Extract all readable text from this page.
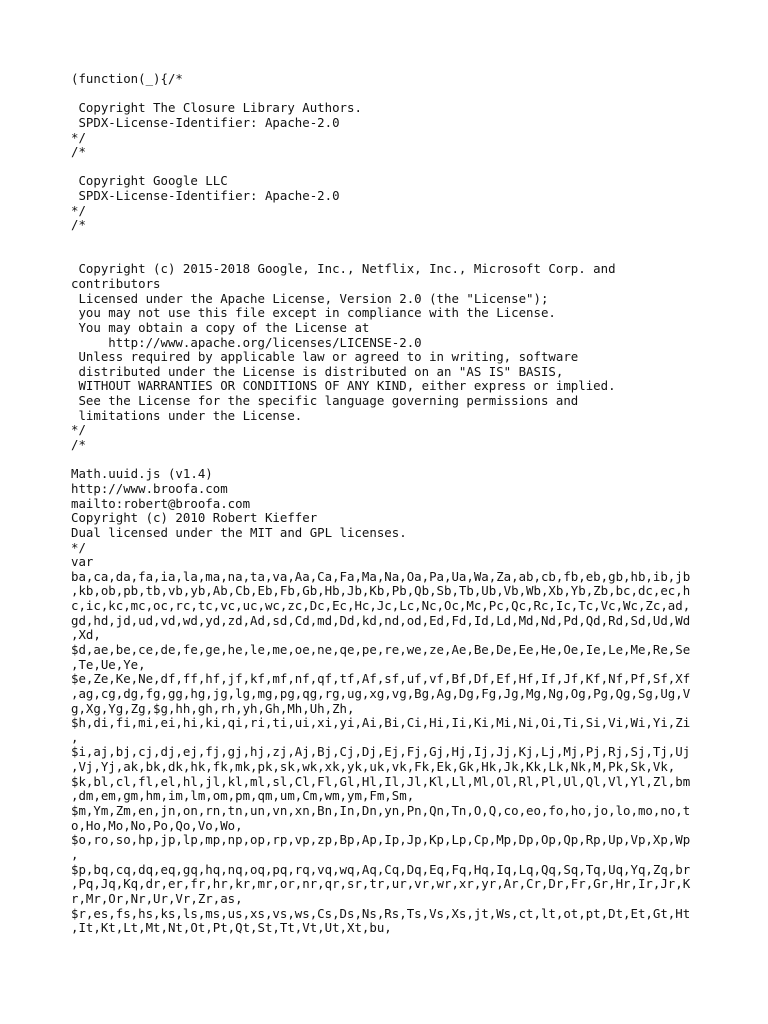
(function(_){/*
Copyright The Closure Library Authors.
SPDX-License-Identifier: Apache-2.0
*/
/*
Copyright Google LLC
SPDX-License-Identifier: Apache-2.0
*/
/*
Copyright (c) 2015-2018 Google, Inc., Netflix, Inc., Microsoft Corp. and
contributors
Licensed under the Apache License, Version 2.0 (the "License");
you may not use this file except in compliance with the License.
You may obtain a copy of the License at
http://www.apache.org/licenses/LICENSE-2.0
Unless required by applicable law or agreed to in writing, software
distributed under the License is distributed on an "AS IS" BASIS,
WITHOUT WARRANTIES OR CONDITIONS OF ANY KIND, either express or implied.
See the License for the specific language governing permissions and
limitations under the License.
*/
/*
Math.uuid.js (v1.4)
http://www.broofa.com
mailto:robert@broofa.com
Copyright (c) 2010 Robert Kieffer
Dual licensed under the MIT and GPL licenses.
*/
var
ba,ca,da,fa,ia,la,ma,na,ta,va,Aa,Ca,Fa,Ma,Na,Oa,Pa,Ua,Wa,Za,ab,cb,fb,eb,gb,hb,ib,jb
,kb,ob,pb,tb,vb,yb,Ab,Cb,Eb,Fb,Gb,Hb,Jb,Kb,Pb,Qb,Sb,Tb,Ub,Vb,Wb,Xb,Yb,Zb,bc,dc,ec,h
c,ic,kc,mc,oc,rc,tc,vc,uc,wc,zc,Dc,Ec,Hc,Jc,Lc,Nc,Oc,Mc,Pc,Qc,Rc,Ic,Tc,Vc,Wc,Zc,ad,
gd,hd,jd,ud,vd,wd,yd,zd,Ad,sd,Cd,md,Dd,kd,nd,od,Ed,Fd,Id,Ld,Md,Nd,Pd,Qd,Rd,Sd,Ud,Wd
,Xd,
$d,ae,be,ce,de,fe,ge,he,le,me,oe,ne,qe,pe,re,we,ze,Ae,Be,De,Ee,He,Oe,Ie,Le,Me,Re,Se
,Te,Ue,Ye,
$e,Ze,Ke,Ne,df,ff,hf,jf,kf,mf,nf,qf,tf,Af,sf,uf,vf,Bf,Df,Ef,Hf,If,Jf,Kf,Nf,Pf,Sf,Xf
,ag,cg,dg,fg,gg,hg,jg,lg,mg,pg,qg,rg,ug,xg,vg,Bg,Ag,Dg,Fg,Jg,Mg,Ng,Og,Pg,Qg,Sg,Ug,V
g,Xg,Yg,Zg,$g,hh,gh,rh,yh,Gh,Mh,Uh,Zh,
$h,di,fi,mi,ei,hi,ki,qi,ri,ti,ui,xi,yi,Ai,Bi,Ci,Hi,Ii,Ki,Mi,Ni,Oi,Ti,Si,Vi,Wi,Yi,Zi
,
$i,aj,bj,cj,dj,ej,fj,gj,hj,zj,Aj,Bj,Cj,Dj,Ej,Fj,Gj,Hj,Ij,Jj,Kj,Lj,Mj,Pj,Rj,Sj,Tj,Uj
,Vj,Yj,ak,bk,dk,hk,fk,mk,pk,sk,wk,xk,yk,uk,vk,Fk,Ek,Gk,Hk,Jk,Kk,Lk,Nk,M,Pk,Sk,Vk,
$k,bl,cl,fl,el,hl,jl,kl,ml,sl,Cl,Fl,Gl,Hl,Il,Jl,Kl,Ll,Ml,Ol,Rl,Pl,Ul,Ql,Vl,Yl,Zl,bm
,dm,em,gm,hm,im,lm,om,pm,qm,um,Cm,wm,ym,Fm,Sm,
$m,Ym,Zm,en,jn,on,rn,tn,un,vn,xn,Bn,In,Dn,yn,Pn,Qn,Tn,O,Q,co,eo,fo,ho,jo,lo,mo,no,t
o,Ho,Mo,No,Po,Qo,Vo,Wo,
$o,ro,so,hp,jp,lp,mp,np,op,rp,vp,zp,Bp,Ap,Ip,Jp,Kp,Lp,Cp,Mp,Dp,Op,Qp,Rp,Up,Vp,Xp,Wp
,
$p,bq,cq,dq,eq,gq,hq,nq,oq,pq,rq,vq,wq,Aq,Cq,Dq,Eq,Fq,Hq,Iq,Lq,Qq,Sq,Tq,Uq,Yq,Zq,br
,Pq,Jq,Kq,dr,er,fr,hr,kr,mr,or,nr,qr,sr,tr,ur,vr,wr,xr,yr,Ar,Cr,Dr,Fr,Gr,Hr,Ir,Jr,K
r,Mr,Or,Nr,Ur,Vr,Zr,as,
$r,es,fs,hs,ks,ls,ms,us,xs,vs,ws,Cs,Ds,Ns,Rs,Ts,Vs,Xs,jt,Ws,ct,lt,ot,pt,Dt,Et,Gt,Ht
,It,Kt,Lt,Mt,Nt,Ot,Pt,Qt,St,Tt,Vt,Ut,Xt,bu,
